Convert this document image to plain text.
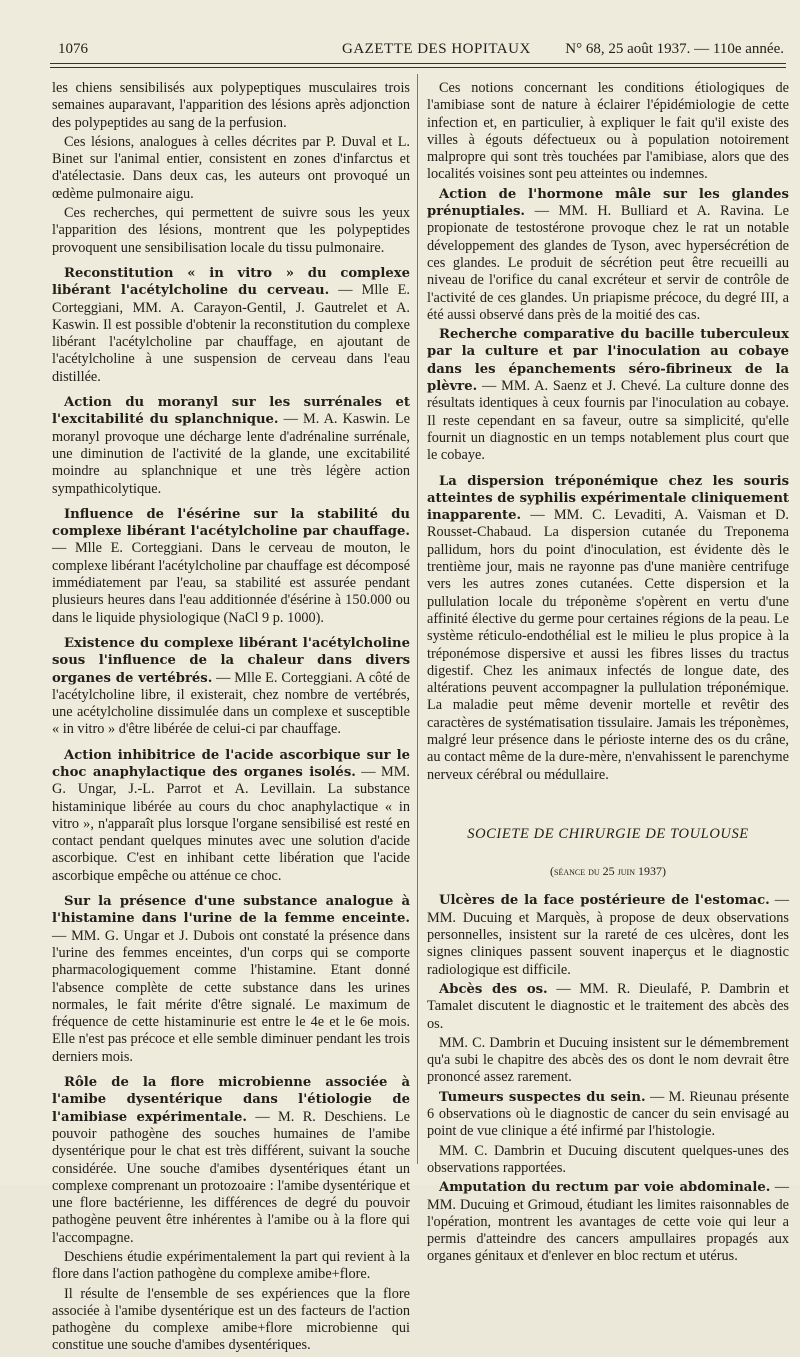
1076	GAZETTE DES HOPITAUX N° 68, 25 août 1937. — 110e année.

les chiens sensibilisés aux polypeptiques musculaires trois semaines auparavant, l'apparition des lésions après adjonction des polypeptides au sang de la perfusion.

Ces lésions, analogues à celles décrites par P. Duval et L. Binet sur l'animal entier, consistent en zones d'infarctus et d'atélectasie. Dans deux cas, les auteurs ont provoqué un œdème pulmonaire aigu.

Ces recherches, qui permettent de suivre sous les yeux l'apparition des lésions, montrent que les polypeptides provoquent une sensibilisation locale du tissu pulmonaire.

Reconstitution « in vitro » du complexe libérant l'acétylcholine du cerveau. — Mlle E. Corteggiani, MM. A. Carayon-Gentil, J. Gautrelet et A. Kaswin. Il est possible d'obtenir la reconstitution du complexe libérant l'acétylcholine par chauffage, en ajoutant de l'acétylcholine à une suspension de cerveau dans l'eau distillée.

Action du moranyl sur les surrénales et l'excitabilité du splanchnique. — M. A. Kaswin. Le moranyl provoque une décharge lente d'adrénaline surrénale, une diminution de l'activité de la glande, une excitabilité moindre au splanchnique et une très légère action sympathicolytique.

Influence de l'ésérine sur la stabilité du complexe libérant l'acétylcholine par chauffage. — Mlle E. Corteggiani. Dans le cerveau de mouton, le complexe libérant l'acétylcholine par chauffage est décomposé immédiatement par l'eau, sa stabilité est assurée pendant plusieurs heures dans l'eau additionnée d'ésérine à 150.000 ou dans le liquide physiologique (NaCl 9 p. 1000).

Existence du complexe libérant l'acétylcholine sous l'influence de la chaleur dans divers organes de vertébrés. — Mlle E. Corteggiani. A côté de l'acétylcholine libre, il existerait, chez nombre de vertébrés, une acétylcholine dissimulée dans un complexe et susceptible « in vitro » d'être libérée de celui-ci par chauffage.

Action inhibitrice de l'acide ascorbique sur le choc anaphylactique des organes isolés. — MM. G. Ungar, J.-L. Parrot et A. Levillain. La substance histaminique libérée au cours du choc anaphylactique « in vitro », n'apparaît plus lorsque l'organe sensibilisé est resté en contact pendant quelques minutes avec une solution d'acide ascorbique. C'est en inhibant cette libération que l'acide ascorbique empêche ou atténue ce choc.

Sur la présence d'une substance analogue à l'histamine dans l'urine de la femme enceinte. — MM. G. Ungar et J. Dubois ont constaté la présence dans l'urine des femmes enceintes, d'un corps qui se comporte pharmacologiquement comme l'histamine. Etant donné l'absence complète de cette substance dans les urines normales, le fait mérite d'être signalé. Le maximum de fréquence de cette histaminurie est entre le 4e et le 6e mois. Elle n'est pas précoce et elle semble diminuer pendant les trois derniers mois.

Rôle de la flore microbienne associée à l'amibe dysentérique dans l'étiologie de l'amibiase expérimentale. — M. R. Deschiens. Le pouvoir pathogène des souches humaines de l'amibe dysentérique pour le chat est très différent, suivant la souche considérée. Une souche d'amibes dysentériques étant un complexe comprenant un protozoaire : l'amibe dysentérique et une flore bactérienne, les différences de degré du pouvoir pathogène peuvent être inhérentes à l'amibe ou à la flore qui l'accompagne.

Deschiens étudie expérimentalement la part qui revient à la flore dans l'action pathogène du complexe amibe+flore.

Il résulte de l'ensemble de ses expériences que la flore associée à l'amibe dysentérique est un des facteurs de l'action pathogène du complexe amibe+flore microbienne qui constitue une souche d'amibes dysentériques.

Ces notions concernant les conditions étiologiques de l'amibiase sont de nature à éclairer l'épidémiologie de cette infection et, en particulier, à expliquer le fait qu'il existe des villes à égouts défectueux ou à population notoirement malpropre qui sont très touchées par l'amibiase, alors que des localités voisines sont peu atteintes ou indemnes.

Action de l'hormone mâle sur les glandes prénuptiales. — MM. H. Bulliard et A. Ravina. Le propionate de testostérone provoque chez le rat un notable développement des glandes de Tyson, avec hypersécrétion de ces glandes. Le produit de sécrétion peut être recueilli au niveau de l'orifice du canal excréteur et servir de contrôle de l'activité de ces glandes. Un priapisme précoce, du degré III, a été aussi observé dans près de la moitié des cas.

Recherche comparative du bacille tuberculeux par la culture et par l'inoculation au cobaye dans les épanchements séro-fibrineux de la plèvre. — MM. A. Saenz et J. Chevé. La culture donne des résultats identiques à ceux fournis par l'inoculation au cobaye. Il reste cependant en sa faveur, outre sa simplicité, qu'elle fournit un diagnostic en un temps notablement plus court que le cobaye.

La dispersion tréponémique chez les souris atteintes de syphilis expérimentale cliniquement inapparente. — MM. C. Levaditi, A. Vaisman et D. Rousset-Chabaud. La dispersion cutanée du Treponema pallidum, hors du point d'inoculation, est évidente dès le trentième jour, mais ne rayonne pas d'une manière centrifuge vers les autres zones cutanées. Cette dispersion et la pullulation locale du tréponème s'opèrent en vertu d'une affinité élective du germe pour certaines régions de la peau. Le système réticulo-endothélial est le milieu le plus propice à la tréponémose dispersive et aussi les fibres lisses du tractus digestif. Chez les animaux infectés de longue date, des altérations peuvent accompagner la pullulation tréponémique. La maladie peut même devenir mortelle et revêtir des caractères de systématisation tissulaire. Jamais les tréponèmes, malgré leur présence dans le périoste interne des os du crâne, au contact même de la dure-mère, n'envahissent le parenchyme nerveux cérébral ou médullaire.

SOCIETE DE CHIRURGIE DE TOULOUSE

(séance du 25 juin 1937)

Ulcères de la face postérieure de l'estomac. — MM. Ducuing et Marquès, à propose de deux observations personnelles, insistent sur la rareté de ces ulcères, dont les signes cliniques passent souvent inaperçus et le diagnostic radiologique est difficile.

Abcès des os. — MM. R. Dieulafé, P. Dambrin et Tamalet discutent le diagnostic et le traitement des abcès des os.

MM. C. Dambrin et Ducuing insistent sur le démembrement qu'a subi le chapitre des abcès des os dont le nom devrait être prononcé assez rarement.

Tumeurs suspectes du sein. — M. Rieunau présente 6 observations où le diagnostic de cancer du sein envisagé au point de vue clinique a été infirmé par l'histologie.

MM. C. Dambrin et Ducuing discutent quelques-unes des observations rapportées.

Amputation du rectum par voie abdominale. — MM. Ducuing et Grimoud, étudiant les limites raisonnables de l'opération, montrent les avantages de cette voie qui leur a permis d'atteindre des cancers ampullaires propagés aux organes génitaux et d'enlever en bloc rectum et utérus.
